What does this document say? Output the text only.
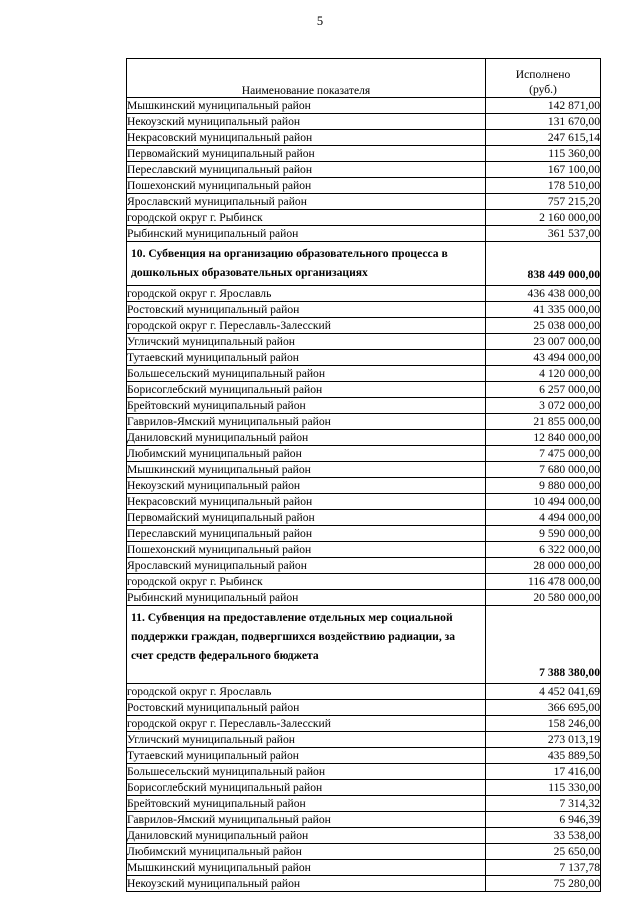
5
Наименование показателя	Исполнено
(руб.)

Мышкинский муниципальный район	142 871,00
Некоузский муниципальный район	131 670,00
Некрасовский муниципальный район	247 615,14
Первомайский муниципальный район	115 360,00
Переславский муниципальный район	167 100,00
Пошехонский муниципальный район	178 510,00
Ярославский муниципальный район	757 215,20
городской округ г. Рыбинск	2 160 000,00
Рыбинский муниципальный район	361 537,00
10. Субвенция на организацию образовательного процесса в дошкольных образовательных организациях	838 449 000,00
городской округ г. Ярославль	436 438 000,00
Ростовский муниципальный район	41 335 000,00
городской округ г. Переславль-Залесский	25 038 000,00
Угличский муниципальный район	23 007 000,00
Тутаевский муниципальный район	43 494 000,00
Большесельский муниципальный район	4 120 000,00
Борисоглебский муниципальный район	6 257 000,00
Брейтовский муниципальный район	3 072 000,00
Гаврилов-Ямский муниципальный район	21 855 000,00
Даниловский муниципальный район	12 840 000,00
Любимский муниципальный район	7 475 000,00
Мышкинский муниципальный район	7 680 000,00
Некоузский муниципальный район	9 880 000,00
Некрасовский муниципальный район	10 494 000,00
Первомайский муниципальный район	4 494 000,00
Переславский муниципальный район	9 590 000,00
Пошехонский муниципальный район	6 322 000,00
Ярославский муниципальный район	28 000 000,00
городской округ г. Рыбинск	116 478 000,00
Рыбинский муниципальный район	20 580 000,00
11. Субвенция на предоставление отдельных мер социальной поддержки граждан, подвергшихся воздействию радиации, за счет средств федерального бюджета	7 388 380,00
городской округ г. Ярославль	4 452 041,69
Ростовский муниципальный район	366 695,00
городской округ г. Переславль-Залесский	158 246,00
Угличский муниципальный район	273 013,19
Тутаевский муниципальный район	435 889,50
Большесельский муниципальный район	17 416,00
Борисоглебский муниципальный район	115 330,00
Брейтовский муниципальный район	7 314,32
Гаврилов-Ямский муниципальный район	6 946,39
Даниловский муниципальный район	33 538,00
Любимский муниципальный район	25 650,00
Мышкинский муниципальный район	7 137,78
Некоузский муниципальный район	75 280,00
